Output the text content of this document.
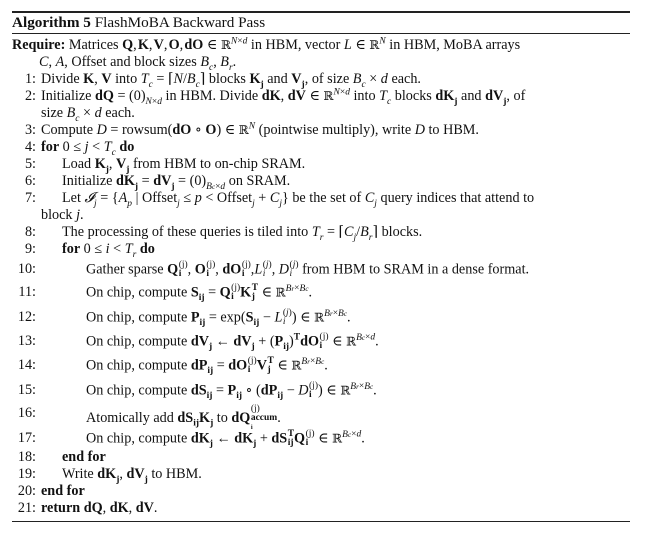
Algorithm 5 FlashMoBA Backward Pass
Require: Matrices Q, K, V, O, dO ∈ ℝ$^{N\times d}$ in HBM, vector L ∈ ℝ$^N$ in HBM, MoBA arrays
C, A, Offset and block sizes $B_c$, $B_r$.
1: Divide K, V into $T_c$ = $⌈N/B_c⌉$ blocks $K_j$ and $V_j$, of size $B_c \times d$ each.
2: Initialize dQ = $(0)_{N\times d}$ in HBM. Divide dK, dV ∈ ℝ$^{N\times d}$ into $T_c$ blocks $dK_j$ and $dV_j$, of
size $B_c \times d$ each.
3: Compute D = rowsum(dO ∘ O) ∈ ℝ$^N$ (pointwise multiply), write D to HBM.
4: for $0 \le j < T_c$ do
5: Load $K_j$, $V_j$ from HBM to on-chip SRAM.
6: Initialize $dK_j = dV_j = (0)_{Bc\times d}$ on SRAM.
7: Let 𝓘$_j$ = {$A_p$ | Offset$_j$ ≤ p < Offset$_j$ + $C_j$} be the set of $C_j$ query indices that attend to
block j.
8: The processing of these queries is tiled into $T_r$ = $⌈C_j/B_r⌉$ blocks.
9: for $0 \le i < T_r$ do
10:	Gather sparse Q (j)
i , O (j)
i , dO (j)
i ,L (j)
i , D (j)
i from HBM to SRAM in a dense format.
11:	On chip, compute $S_{ij} = Q$ (j)
i K T
j ∈ ℝ$^{Br\times Bc}$.
12:	On chip, compute $P_{ij} = \exp(S_{ij} - L$ (j)
i ) ∈ ℝ$^{Br\times Bc}$.
13:	On chip, compute $dV_j$ ← $dV_j + (P_{ij})^TdO$ (j)
i ∈ ℝ$^{Bc\times d}$.
14:	On chip, compute $dP_{ij}$ = dO (j)
i V T
j ∈ ℝ$^{Br\times Bc}$.
15:	On chip, compute $dS_{ij} = P_{ij}$ ∘ ($dP_{ij} - D$ (j)
i ) ∈ ℝ$^{Br\times Bc}$.
16:	Atomically add $dS_{ij}K_j$ to dQ
(j)
accum
i
.
17:	On chip, compute $dK_j$ ← $dK_j$ + dS T
ij Q (j)
i ∈ ℝ$^{Bc\times d}$.
18: end for
19: Write $dK_j$, $dV_j$ to HBM.
20: end for
21: return dQ, dK, dV.
